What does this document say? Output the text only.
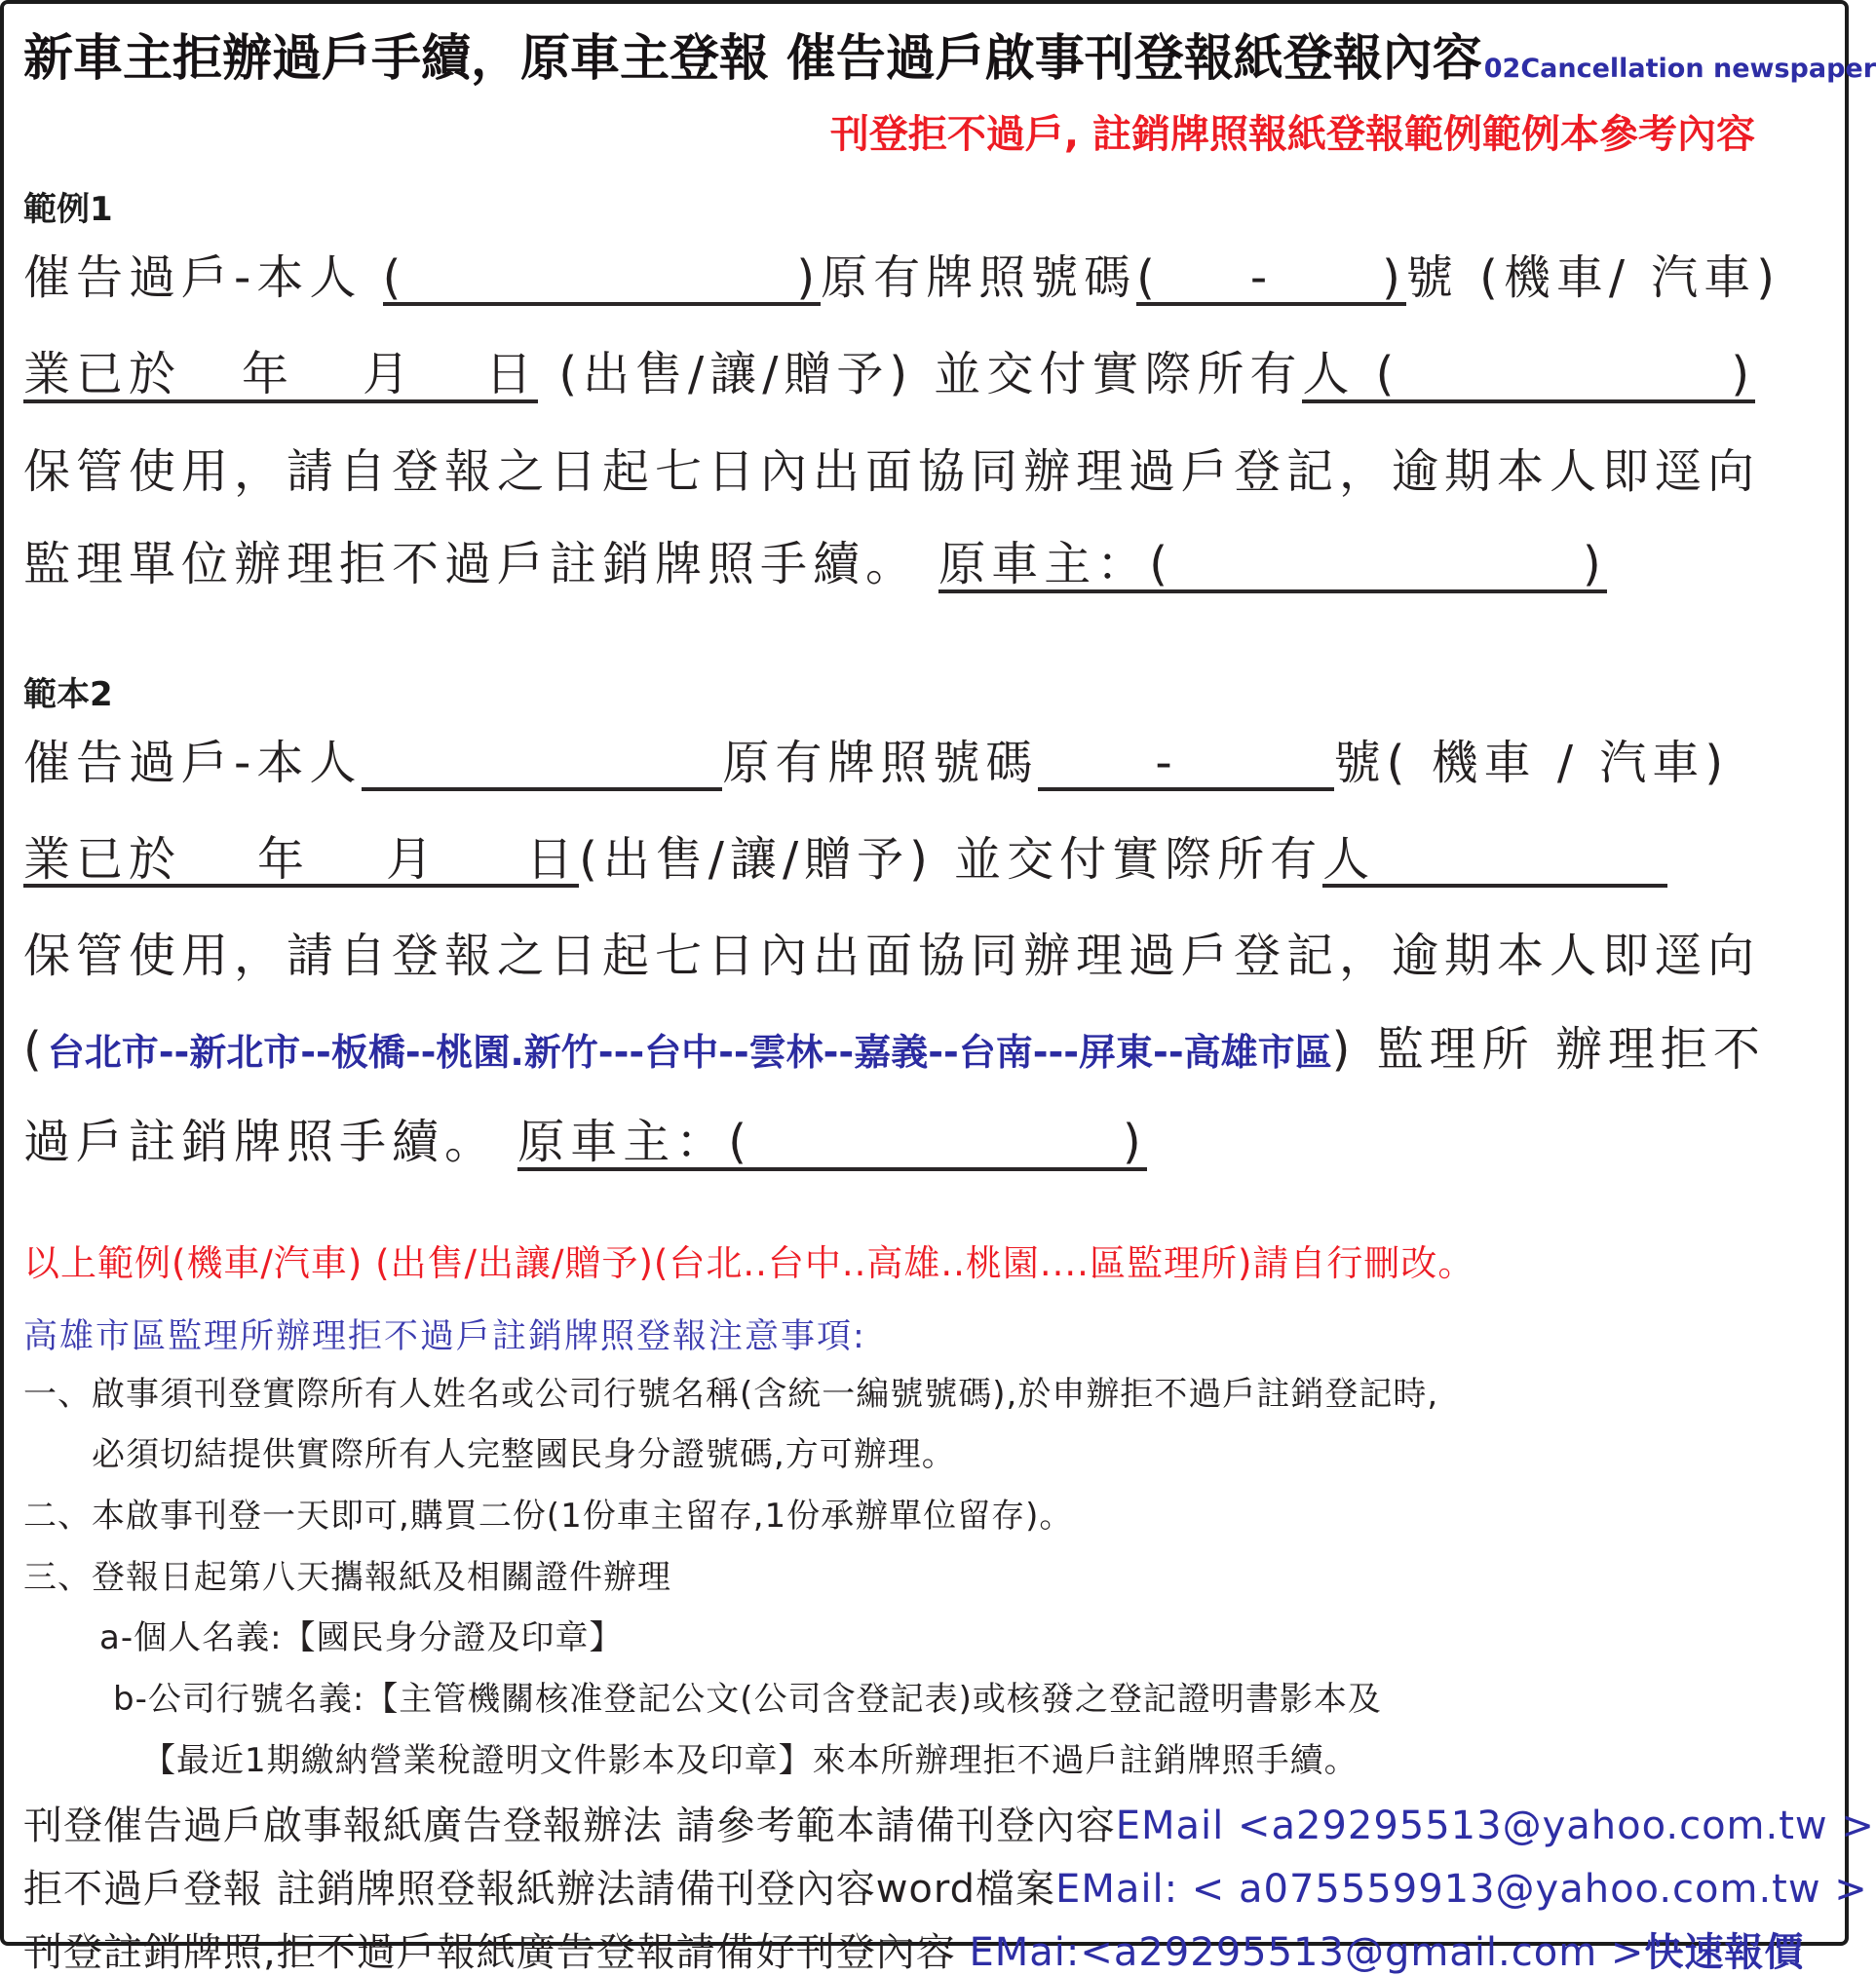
新車主拒辦過戶手續，原車主登報 催告過戶啟事刊登報紙登報內容 02Cancellation newspaper
刊登拒不過戶, 註銷牌照報紙登報範例範例本參考內容
範例1
催告過戶-本人 (	)原有牌照號碼( - )號 (機車/ 汽車)
業已於 年 月 日 (出售/讓/贈予) 並交付實際所有人 (	)
保管使用，請自登報之日起七日內出面協同辦理過戶登記，逾期本人即逕向
監理單位辦理拒不過戶註銷牌照手續。 原車主：(	)
範本2
催告過戶-本人	原有牌照號碼	-	號( 機車 / 汽車)
業已於 年 月 日(出售/讓/贈予) 並交付實際所有人
保管使用，請自登報之日起七日內出面協同辦理過戶登記，逾期本人即逕向
(台北市--新北市--板橋--桃園.新竹---台中--雲林--嘉義--台南---屏東--高雄市區) 監理所 辦理拒不
過戶註銷牌照手續。 原車主：(	)
以上範例(機車/汽車) (出售/出讓/贈予)(台北..台中..高雄..桃園....區監理所)請自行刪改。
高雄市區監理所辦理拒不過戶註銷牌照登報注意事項:
一、啟事須刊登實際所有人姓名或公司行號名稱(含統一編號號碼),於申辦拒不過戶註銷登記時,
必須切結提供實際所有人完整國民身分證號碼,方可辦理。
二、本啟事刊登一天即可,購買二份(1份車主留存,1份承辦單位留存)。
三、登報日起第八天攜報紙及相關證件辦理
a-個人名義:【國民身分證及印章】
b-公司行號名義:【主管機關核准登記公文(公司含登記表)或核發之登記證明書影本及
【最近1期繳納營業稅證明文件影本及印章】來本所辦理拒不過戶註銷牌照手續。
刊登催告過戶啟事報紙廣告登報辦法 請參考範本請備刊登內容EMail <a29295513@yahoo.com.tw >
拒不過戶登報 註銷牌照登報紙辦法請備刊登內容word檔案EMail: < a075559913@yahoo.com.tw >
刊登註銷牌照,拒不過戶報紙廣告登報請備好刊登內容 EMai:<a29295513@gmail.com >快速報價
